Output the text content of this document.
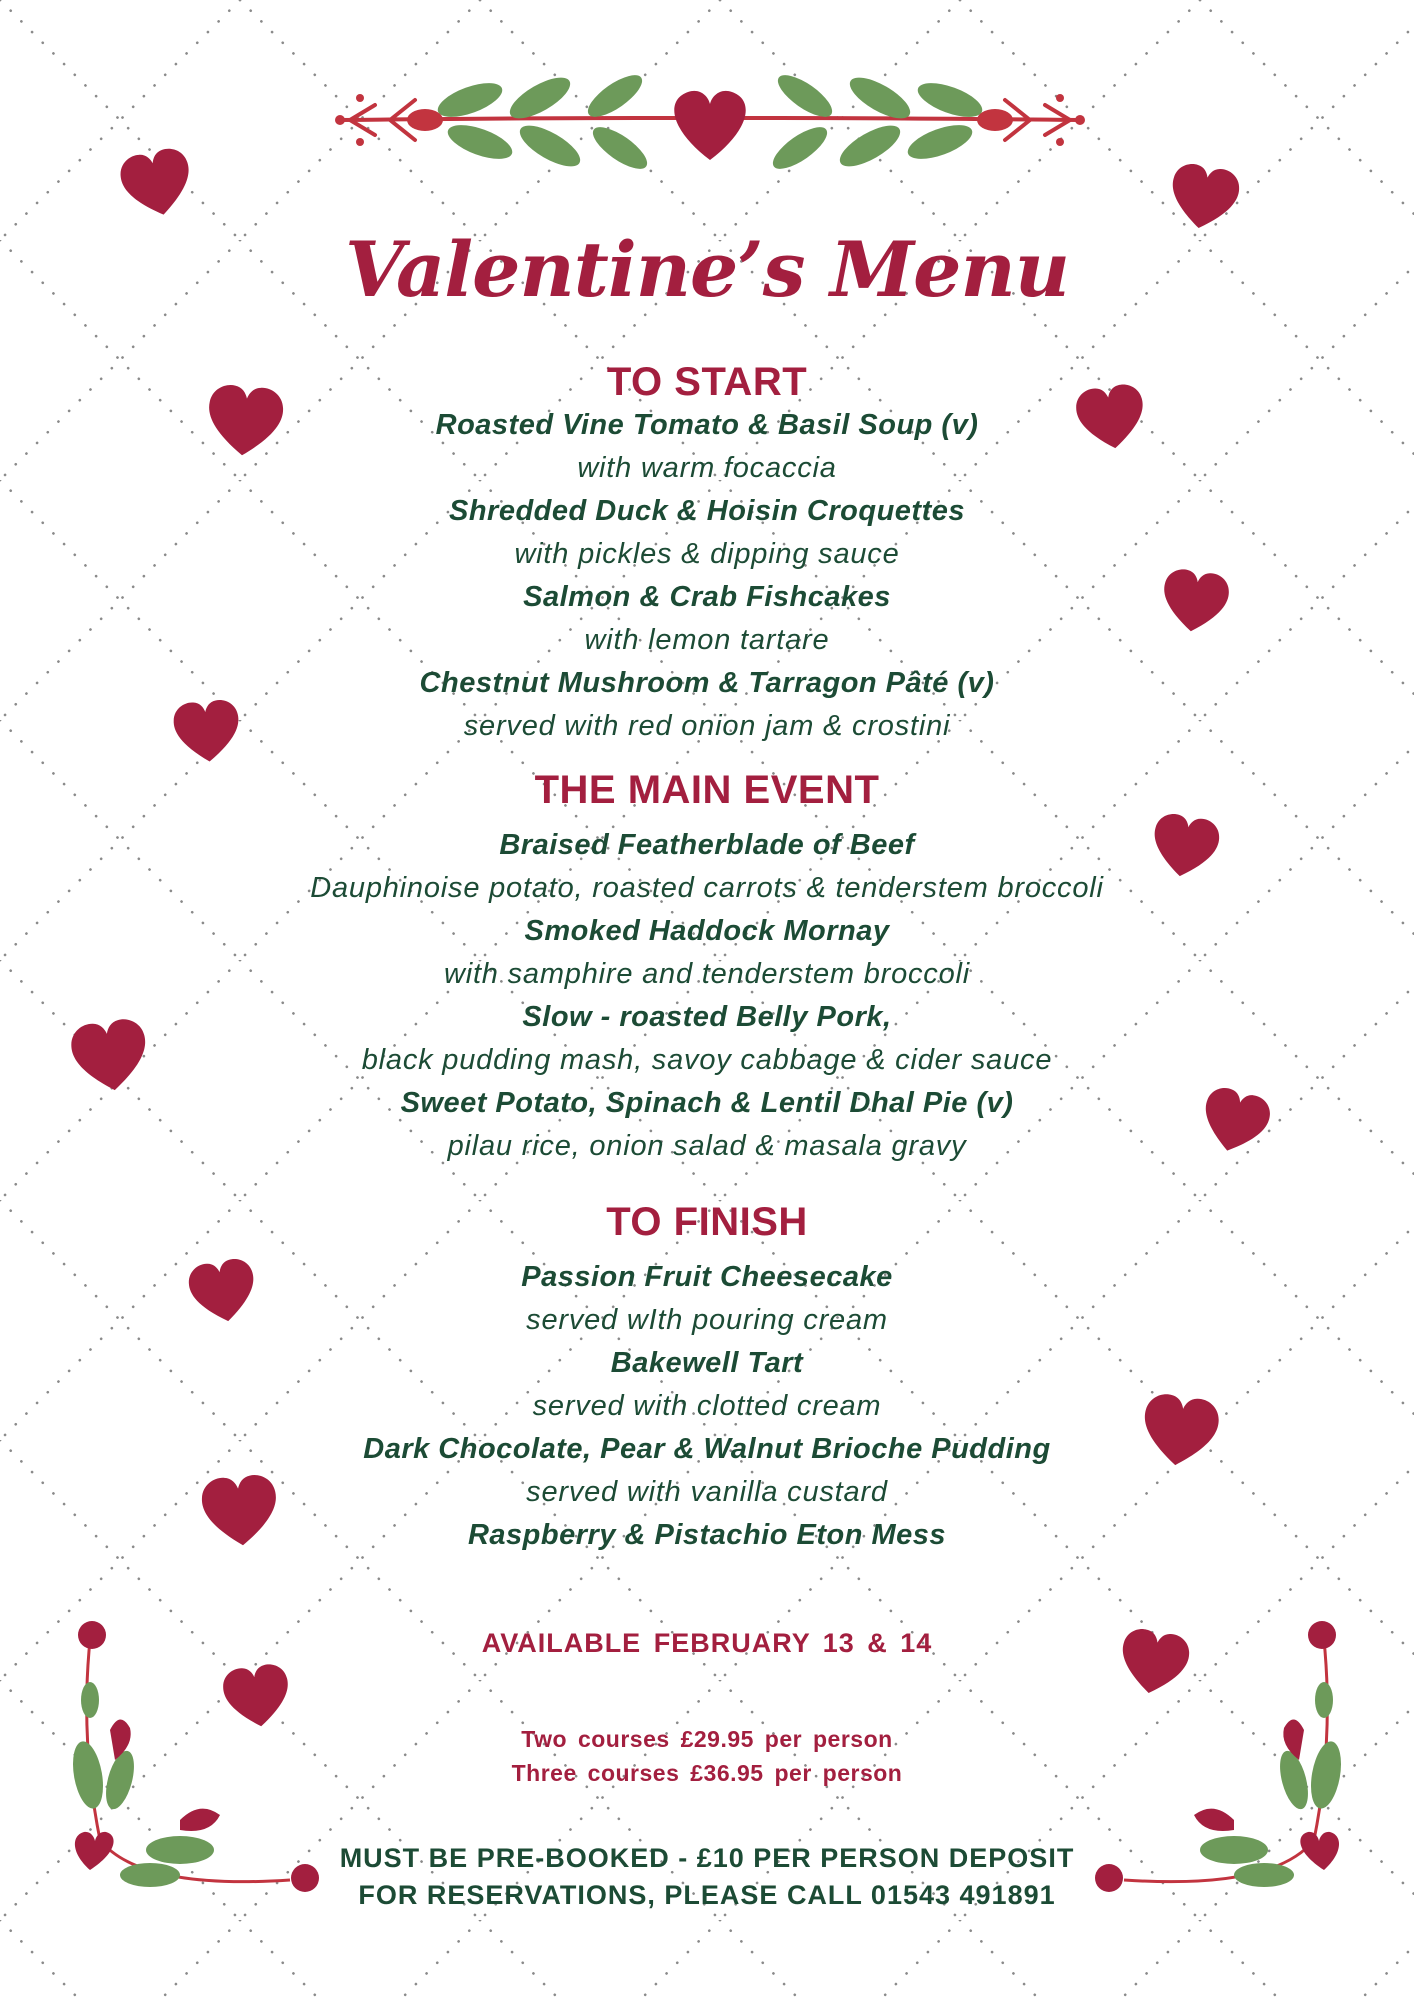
Valentine’s Menu
TO START
Roasted Vine Tomato & Basil Soup (v)
with warm focaccia
Shredded Duck & Hoisin Croquettes
with pickles & dipping sauce
Salmon & Crab Fishcakes
with lemon tartare
Chestnut Mushroom & Tarragon Pâté (v)
served with red onion jam & crostini
THE MAIN EVENT
Braised Featherblade of Beef
Dauphinoise potato, roasted carrots & tenderstem broccoli
Smoked Haddock Mornay
with samphire and tenderstem broccoli
Slow - roasted Belly Pork,
black pudding mash, savoy cabbage & cider sauce
Sweet Potato, Spinach & Lentil Dhal Pie (v)
pilau rice, onion salad & masala gravy
TO FINISH
Passion Fruit Cheesecake
served wIth pouring cream
Bakewell Tart
served with clotted cream
Dark Chocolate, Pear & Walnut Brioche Pudding
served with vanilla custard
Raspberry & Pistachio Eton Mess
AVAILABLE FEBRUARY 13 & 14
Two courses £29.95 per person
Three courses £36.95 per person
MUST BE PRE-BOOKED - £10 PER PERSON DEPOSIT
FOR RESERVATIONS, PLEASE CALL 01543 491891
